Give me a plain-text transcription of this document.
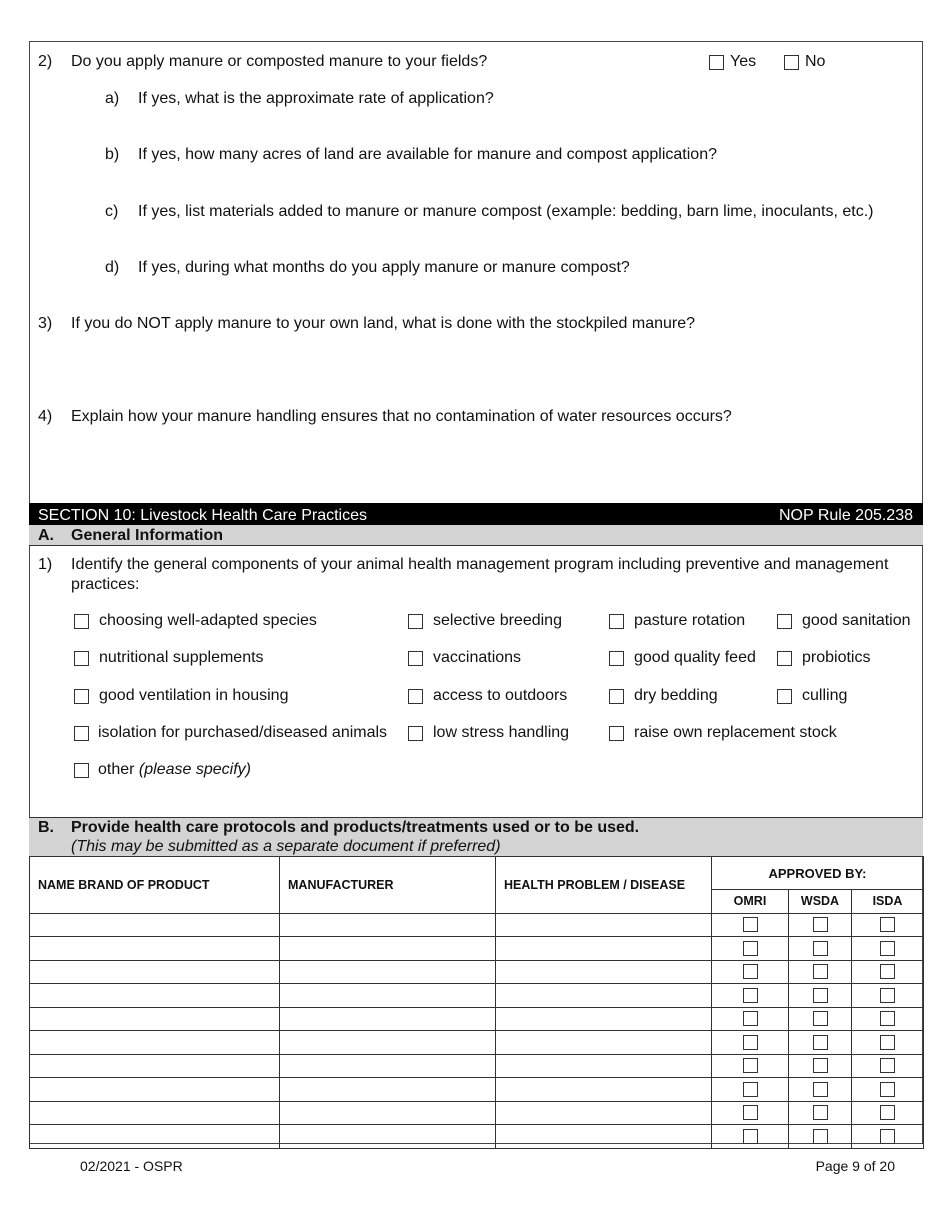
2) Do you apply manure or composted manure to your fields?	Yes	No
a) If yes, what is the approximate rate of application?
b) If yes, how many acres of land are available for manure and compost application?
c) If yes, list materials added to manure or manure compost (example: bedding, barn lime, inoculants, etc.)
d) If yes, during what months do you apply manure or manure compost?
3) If you do NOT apply manure to your own land, what is done with the stockpiled manure?
4) Explain how your manure handling ensures that no contamination of water resources occurs?
SECTION 10: Livestock Health Care Practices	NOP Rule 205.238
A. General Information
1) Identify the general components of your animal health management program including preventive and management
practices:
choosing well-adapted species	selective breeding	pasture rotation	good sanitation
nutritional supplements	vaccinations	good quality feed	probiotics
good ventilation in housing	access to outdoors	dry bedding	culling
isolation for purchased/diseased animals	low stress handling	raise own replacement stock
other (please specify)
B. Provide health care protocols and products/treatments used or to be used.
(This may be submitted as a separate document if preferred)
NAME BRAND OF PRODUCT	MANUFACTURER	HEALTH PROBLEM / DISEASE	APPROVED BY:		
			OMRI	WSDA	ISDA

02/2021 - OSPR	Page 9 of 20
